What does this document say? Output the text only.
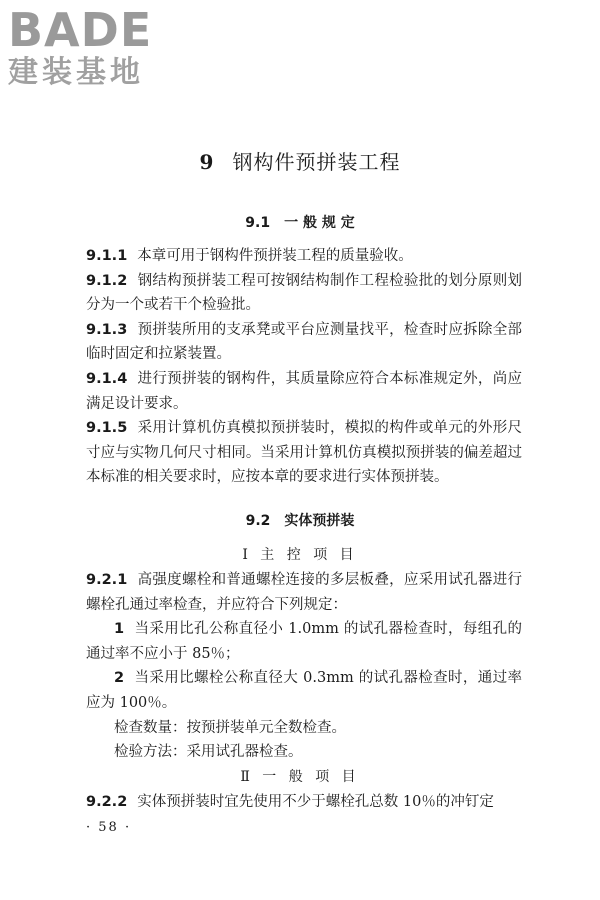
BADE
建装基地
9 钢构件预拼装工程
9.1 一 般 规 定

9.1.1 本章可用于钢构件预拼装工程的质量验收。

9.1.2 钢结构预拼装工程可按钢结构制作工程检验批的划分原则划分为一个或若干个检验批。

9.1.3 预拼装所用的支承凳或平台应测量找平，检查时应拆除全部临时固定和拉紧装置。

9.1.4 进行预拼装的钢构件，其质量除应符合本标准规定外，尚应满足设计要求。

9.1.5 采用计算机仿真模拟预拼装时，模拟的构件或单元的外形尺寸应与实物几何尺寸相同。当采用计算机仿真模拟预拼装的偏差超过本标准的相关要求时，应按本章的要求进行实体预拼装。

9.2 实体预拼装
Ⅰ 主 控 项 目

9.2.1 高强度螺栓和普通螺栓连接的多层板叠，应采用试孔器进行螺栓孔通过率检查，并应符合下列规定：

1 当采用比孔公称直径小 1.0mm 的试孔器检查时，每组孔的通过率不应小于 85％；

2 当采用比螺栓公称直径大 0.3mm 的试孔器检查时，通过率应为 100％。

检查数量：按预拼装单元全数检查。

检验方法：采用试孔器检查。

Ⅱ 一 般 项 目

9.2.2 实体预拼装时宜先使用不少于螺栓孔总数 10％的冲钉定

· 58 ·
